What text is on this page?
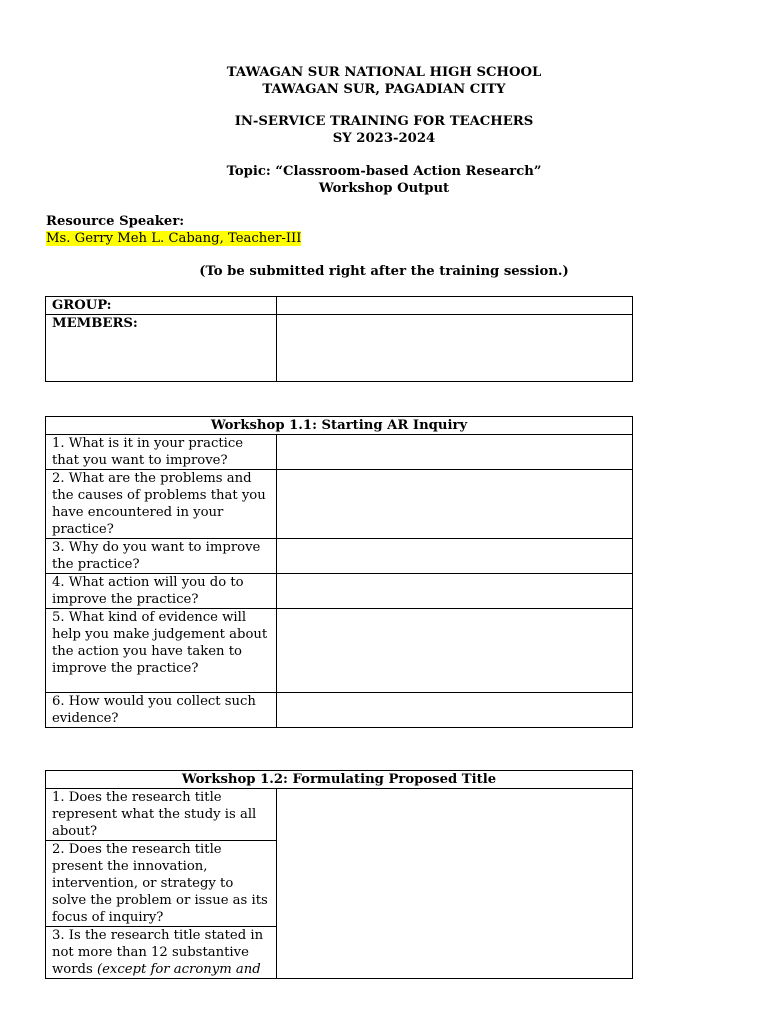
TAWAGAN SUR NATIONAL HIGH SCHOOL
TAWAGAN SUR, PAGADIAN CITY
IN-SERVICE TRAINING FOR TEACHERS
SY 2023-2024
Topic: “Classroom-based Action Research”
Workshop Output
Resource Speaker:
Ms. Gerry Meh L. Cabang, Teacher-III
(To be submitted right after the training session.)
GROUP:	
MEMBERS:	
Workshop 1.1: Starting AR Inquiry	
1. What is it in your practice that you want to improve?	
2. What are the problems and the causes of problems that you have encountered in your practice?	
3. Why do you want to improve the practice?	
4. What action will you do to improve the practice?	
5. What kind of evidence will help you make judgement about the action you have taken to improve the practice?	
6. How would you collect such evidence?	
Workshop 1.2: Formulating Proposed Title
1. Does the research title represent what the study is all about?	
2. Does the research title present the innovation, intervention, or strategy to solve the problem or issue as its focus of inquiry?
3. Is the research title stated in not more than 12 substantive words (except for acronym and
